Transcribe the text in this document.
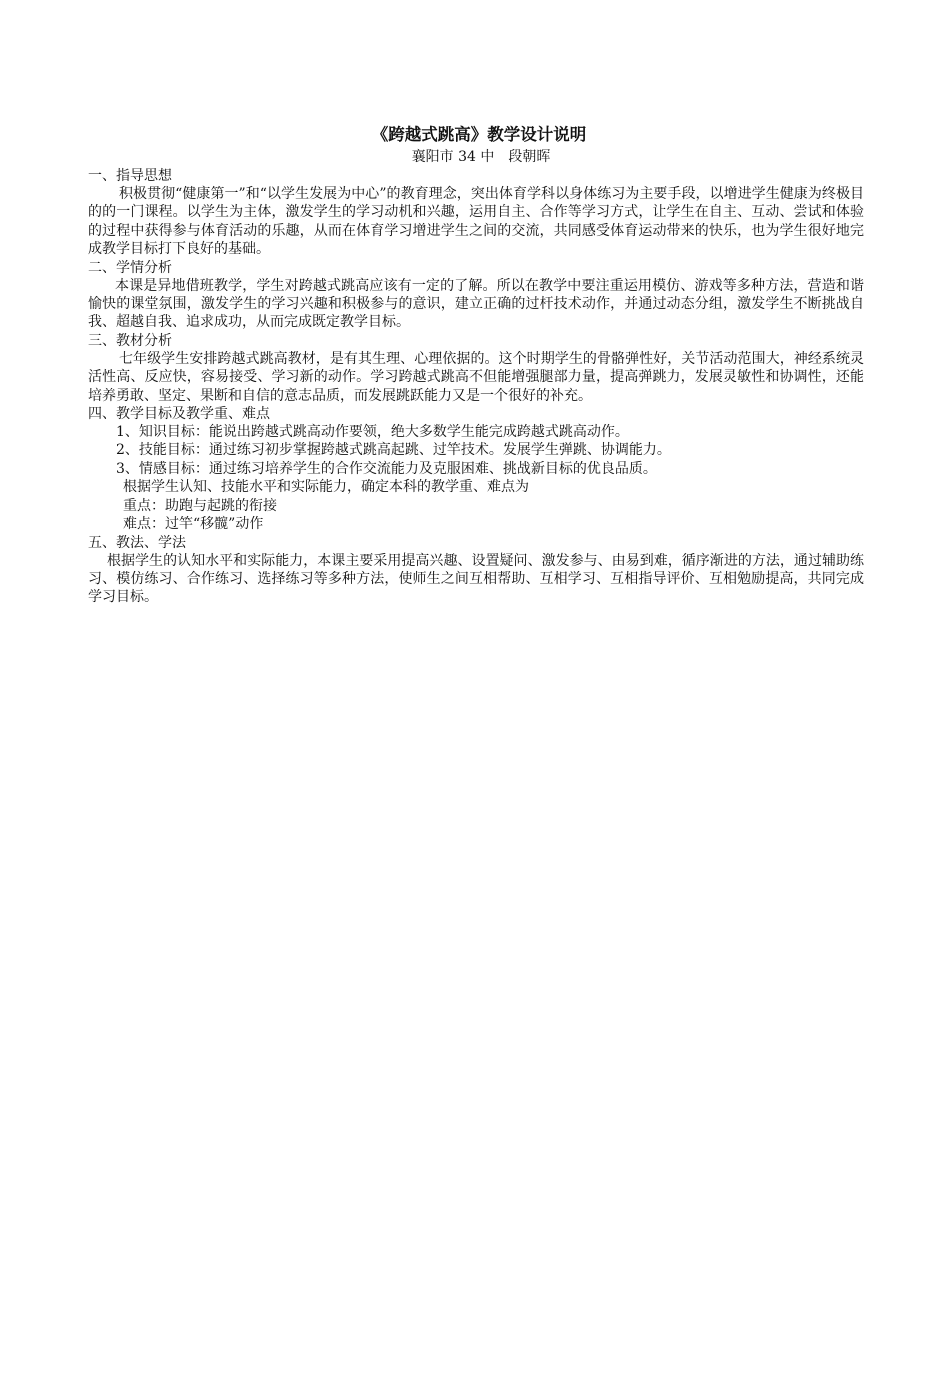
《跨越式跳高》教学设计说明

襄阳市 34 中　段朝晖

一、指导思想

积极贯彻“健康第一”和“以学生发展为中心”的教育理念，突出体育学科以身体练习为主要手段，以增进学生健康为终极目的的一门课程。以学生为主体，激发学生的学习动机和兴趣，运用自主、合作等学习方式，让学生在自主、互动、尝试和体验的过程中获得参与体育活动的乐趣，从而在体育学习增进学生之间的交流，共同感受体育运动带来的快乐，也为学生很好地完成教学目标打下良好的基础。

二、学情分析

本课是异地借班教学，学生对跨越式跳高应该有一定的了解。所以在教学中要注重运用模仿、游戏等多种方法，营造和谐愉快的课堂氛围，激发学生的学习兴趣和积极参与的意识，建立正确的过杆技术动作，并通过动态分组，激发学生不断挑战自我、超越自我、追求成功，从而完成既定教学目标。

三、教材分析

七年级学生安排跨越式跳高教材，是有其生理、心理依据的。这个时期学生的骨骼弹性好，关节活动范围大，神经系统灵活性高、反应快，容易接受、学习新的动作。学习跨越式跳高不但能增强腿部力量，提高弹跳力，发展灵敏性和协调性，还能培养勇敢、坚定、果断和自信的意志品质，而发展跳跃能力又是一个很好的补充。

四、教学目标及教学重、难点

1、知识目标：能说出跨越式跳高动作要领，绝大多数学生能完成跨越式跳高动作。

2、技能目标：通过练习初步掌握跨越式跳高起跳、过竿技术。发展学生弹跳、协调能力。

3、情感目标：通过练习培养学生的合作交流能力及克服困难、挑战新目标的优良品质。

根据学生认知、技能水平和实际能力，确定本科的教学重、难点为

重点：助跑与起跳的衔接

难点：过竿“移髋”动作

五、教法、学法

根据学生的认知水平和实际能力，本课主要采用提高兴趣、设置疑问、激发参与、由易到难，循序渐进的方法，通过辅助练习、模仿练习、合作练习、选择练习等多种方法，使师生之间互相帮助、互相学习、互相指导评价、互相勉励提高，共同完成学习目标。
